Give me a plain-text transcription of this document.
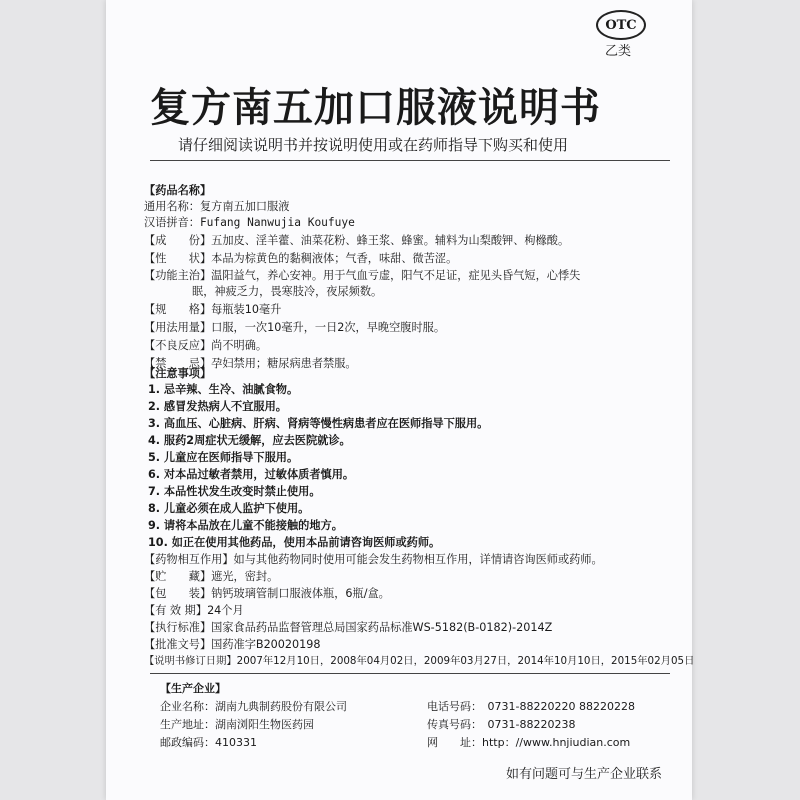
OTC
乙类
复方南五加口服液说明书
请仔细阅读说明书并按说明使用或在药师指导下购买和使用
【药品名称】
通用名称：复方南五加口服液
汉语拼音：Fufang Nanwujia Koufuye
【成　　份】五加皮、淫羊藿、油菜花粉、蜂王浆、蜂蜜。辅料为山梨酸钾、枸橼酸。
【性　　状】本品为棕黄色的黏稠液体；气香，味甜、微苦涩。
【功能主治】温阳益气，养心安神。用于气血亏虚，阳气不足证，症见头昏气短，心悸失
眠，神疲乏力，畏寒肢冷，夜尿频数。
【规　　格】每瓶装10毫升
【用法用量】口服，一次10毫升，一日2次，早晚空腹时服。
【不良反应】尚不明确。
【禁　　忌】孕妇禁用；糖尿病患者禁服。
【注意事项】
1. 忌辛辣、生冷、油腻食物。
2. 感冒发热病人不宜服用。
3. 高血压、心脏病、肝病、肾病等慢性病患者应在医师指导下服用。
4. 服药2周症状无缓解，应去医院就诊。
5. 儿童应在医师指导下服用。
6. 对本品过敏者禁用，过敏体质者慎用。
7. 本品性状发生改变时禁止使用。
8. 儿童必须在成人监护下使用。
9. 请将本品放在儿童不能接触的地方。
10. 如正在使用其他药品，使用本品前请咨询医师或药师。
【药物相互作用】如与其他药物同时使用可能会发生药物相互作用，详情请咨询医师或药师。
【贮　　藏】遮光，密封。
【包　　装】钠钙玻璃管制口服液体瓶，6瓶/盒。
【有 效 期】24个月
【执行标准】国家食品药品监督管理总局国家药品标准WS-5182(B-0182)-2014Z
【批准文号】国药准字B20020198
【说明书修订日期】2007年12月10日，2008年04月02日，2009年03月27日，2014年10月10日，2015年02月05日
【生产企业】
企业名称：湖南九典制药股份有限公司
生产地址：湖南浏阳生物医药园
邮政编码：410331
电话号码：　0731-88220220 88220228
传真号码：　0731-88220238
网　　址：http：//www.hnjiudian.com
如有问题可与生产企业联系
